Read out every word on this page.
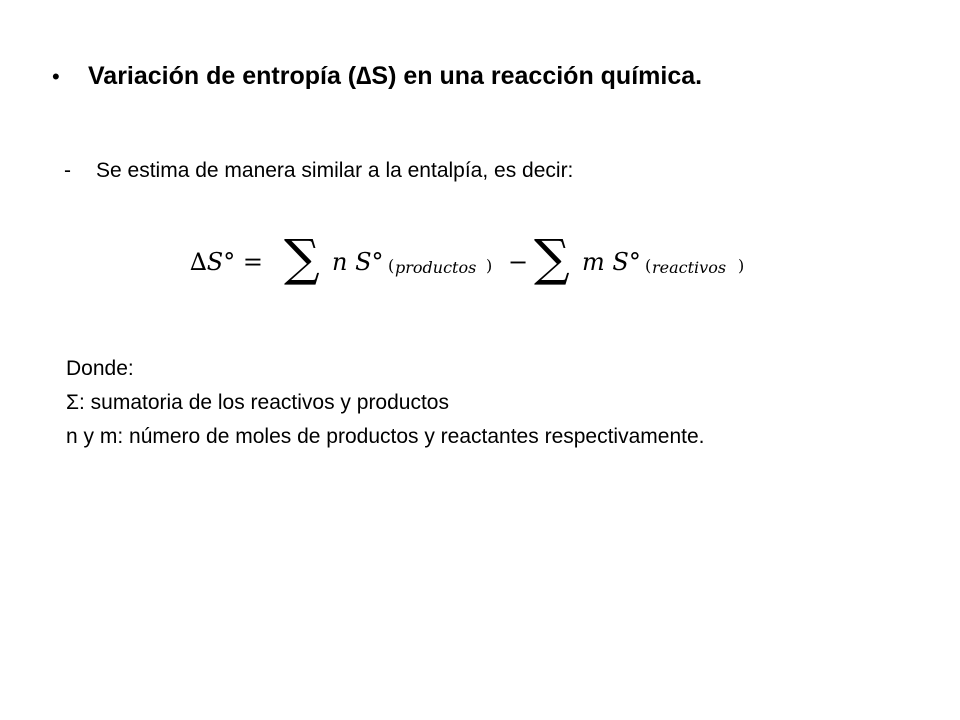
•	Variación de entropía (∆S) en una reacción química.
-	Se estima de manera similar a la entalpía, es decir:
∆S° = ∑ n S° ( productos ) − ∑ m S° ( reactivos )
Donde:
Σ: sumatoria de los reactivos y productos
n y m: número de moles de productos y reactantes respectivamente.
